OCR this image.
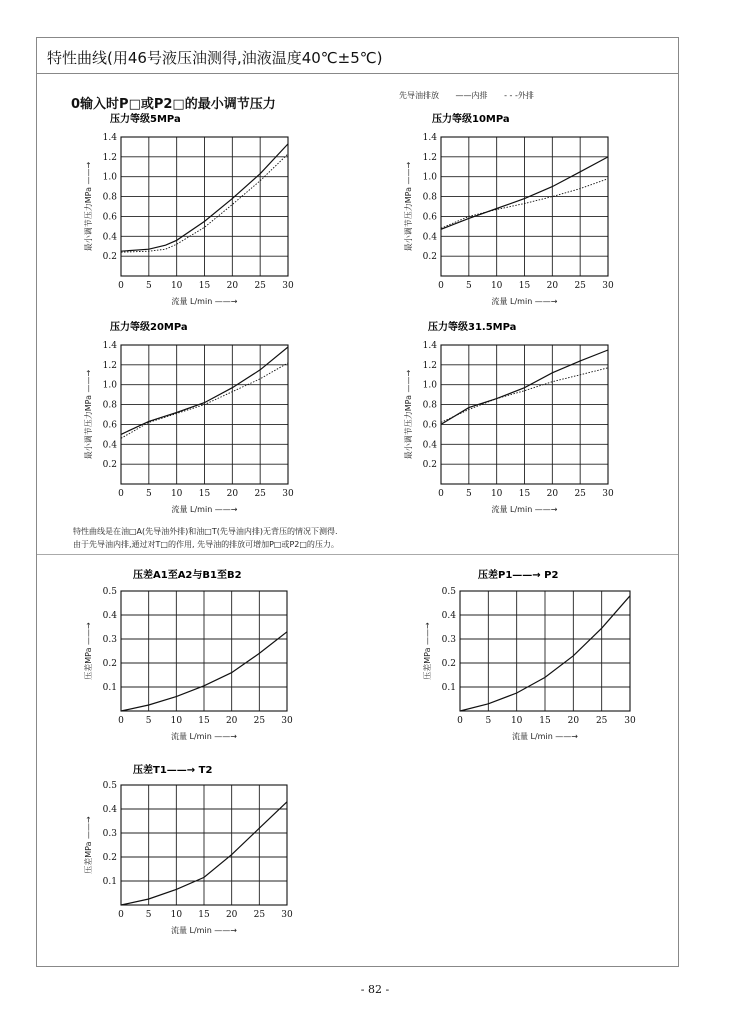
特性曲线(用46号液压油测得,油液温度40℃±5℃)
0输入时P□或P2□的最小调节压力
先导油排放 ——内排 - - -外排
特性曲线是在油□A(先导油外排)和油□T(先导油内排)无背压的情况下测得.
由于先导油内排,通过对T□的作用, 先导油的排放可增加P□或P2□的压力。
压力等级5MPa
0 5 10 15 20 25 30
0.2
0.4
0.6
0.8
1.0
1.2
1.4
流量 L/min ——→
最小调节压力MPa ——→
压力等级10MPa
0 5 10 15 20 25 30
0.2
0.4
0.6
0.8
1.0
1.2
1.4
流量 L/min ——→
最小调节压力MPa ——→
压力等级20MPa
0 5 10 15 20 25 30
0.2
0.4
0.6
0.8
1.0
1.2
1.4
流量 L/min ——→
最小调节压力MPa ——→
压力等级31.5MPa
0 5 10 15 20 25 30
0.2
0.4
0.6
0.8
1.0
1.2
1.4
流量 L/min ——→
最小调节压力MPa ——→
压差A1至A2与B1至B2
0 5 10 15 20 25 30
0.1
0.2
0.3
0.4
0.5
流量 L/min ——→
压差MPa ——→
压差P1——→ P2
0	5 10 15 20 25 30
0.1
0.2
0.3
0.4
0.5
流量 L/min ——→
压差MPa ——→
压差T1——→ T2
0 5 10 15 20 25 30
0.1
0.2
0.3
0.4
0.5
流量 L/min ——→
压差MPa ——→
- 82 -
